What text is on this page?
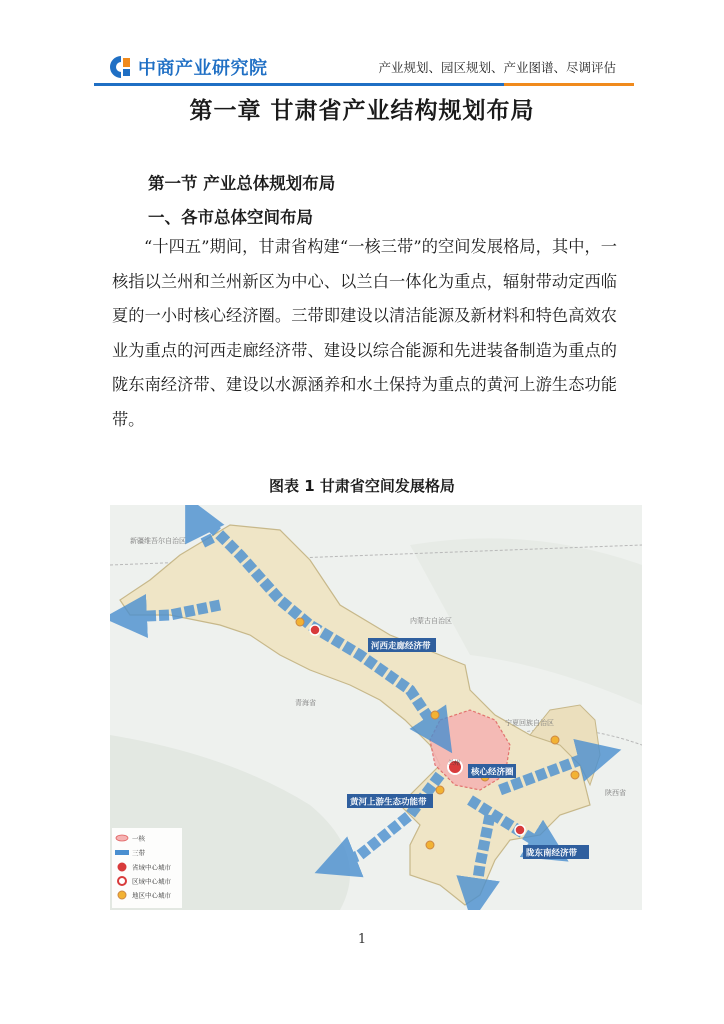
中商产业研究院	产业规划、园区规划、产业图谱、尽调评估
第一章 甘肃省产业结构规划布局
第一节 产业总体规划布局
一、各市总体空间布局

“十四五”期间，甘肃省构建“一核三带”的空间发展格局，其中，一核指以兰州和兰州新区为中心、以兰白一体化为重点，辐射带动定西临夏的一小时核心经济圈。三带即建设以清洁能源及新材料和特色高效农业为重点的河西走廊经济带、建设以综合能源和先进装备制造为重点的陇东南经济带、建设以水源涵养和水土保持为重点的黄河上游生态功能带。

图表 1 甘肃省空间发展格局
新疆维吾尔自治区
内蒙古自治区
青海省
宁夏回族自治区
陕西省
兰州
河西走廊经济带
核心经济圈
黄河上游生态功能带
陇东南经济带
一核
三带
省域中心城市
区域中心城市
地区中心城市
1
